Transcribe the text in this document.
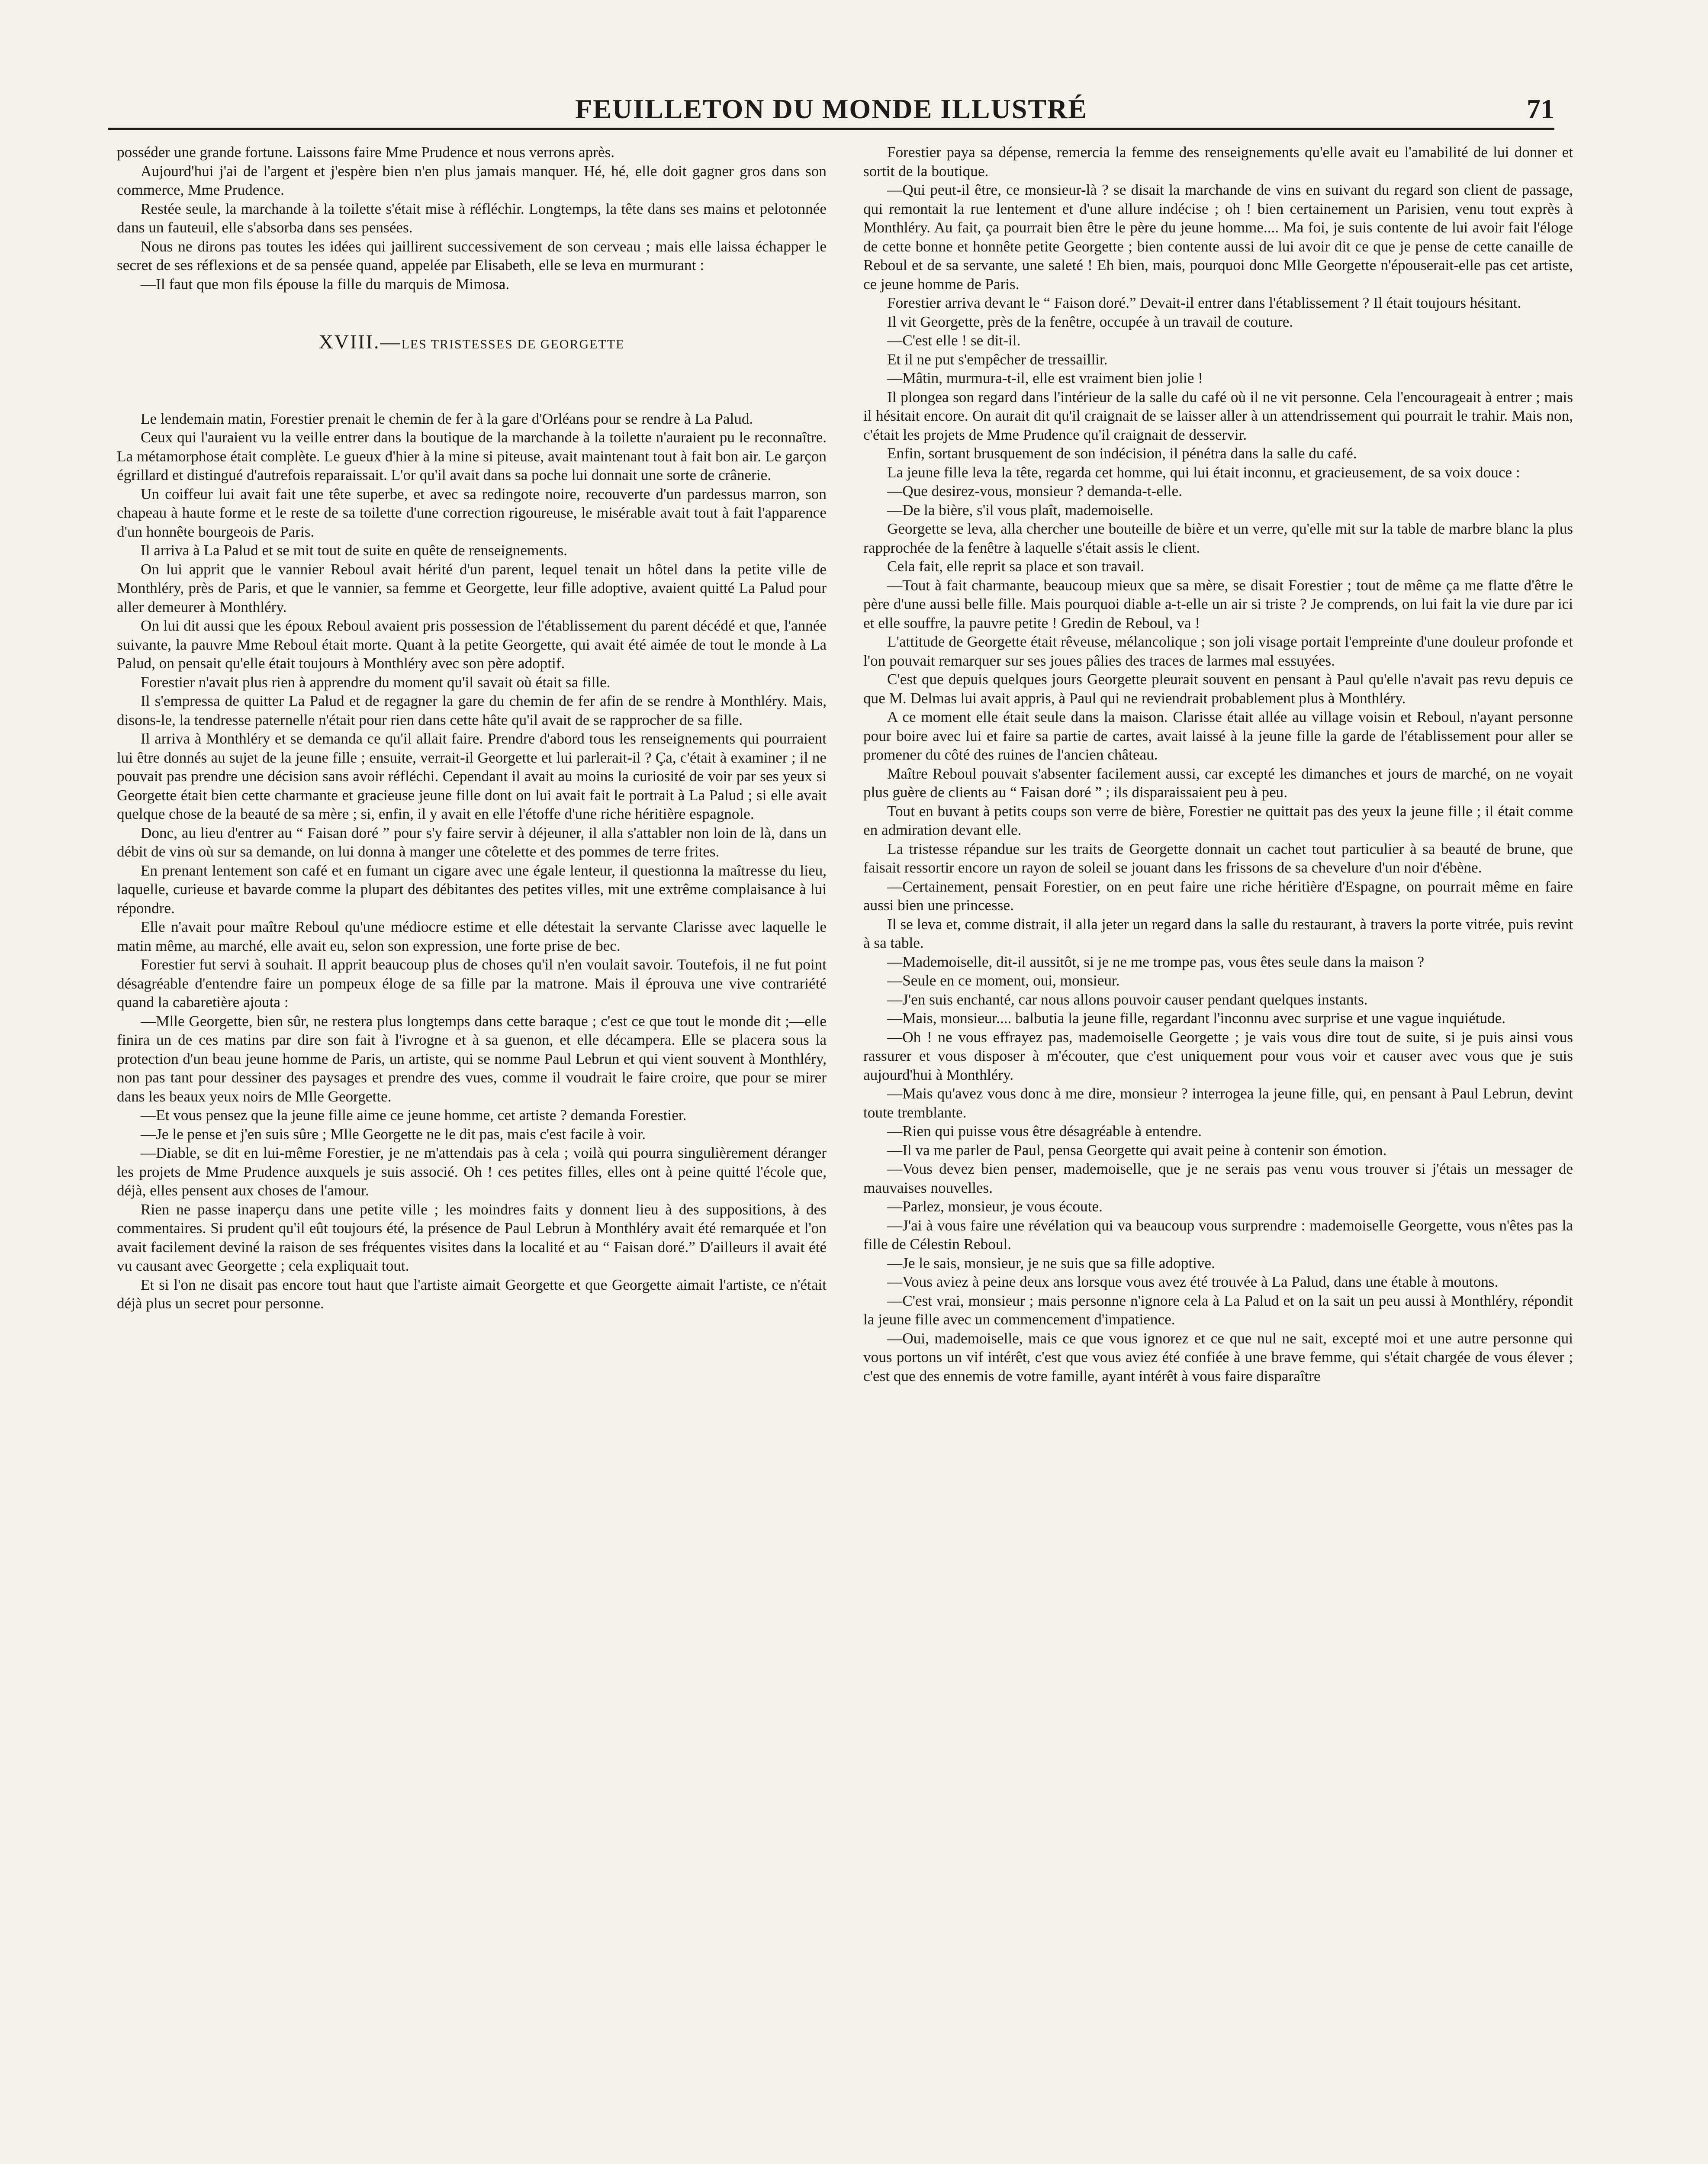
FEUILLETON DU MONDE ILLUSTRÉ	71

posséder une grande fortune. Laissons faire Mme Prudence et nous verrons après.

Aujourd'hui j'ai de l'argent et j'espère bien n'en plus jamais manquer. Hé, hé, elle doit gagner gros dans son commerce, Mme Prudence.

Restée seule, la marchande à la toilette s'était mise à réfléchir. Longtemps, la tête dans ses mains et pelotonnée dans un fauteuil, elle s'absorba dans ses pensées.

Nous ne dirons pas toutes les idées qui jaillirent successivement de son cerveau ; mais elle laissa échapper le secret de ses réflexions et de sa pensée quand, appelée par Elisabeth, elle se leva en murmurant :

—Il faut que mon fils épouse la fille du marquis de Mimosa.

XVIII.—LES TRISTESSES DE GEORGETTE

Le lendemain matin, Forestier prenait le chemin de fer à la gare d'Orléans pour se rendre à La Palud.

Ceux qui l'auraient vu la veille entrer dans la boutique de la marchande à la toilette n'auraient pu le reconnaître. La métamorphose était complète. Le gueux d'hier à la mine si piteuse, avait maintenant tout à fait bon air. Le garçon égrillard et distingué d'autrefois reparaissait. L'or qu'il avait dans sa poche lui donnait une sorte de crânerie.

Un coiffeur lui avait fait une tête superbe, et avec sa redingote noire, recouverte d'un pardessus marron, son chapeau à haute forme et le reste de sa toilette d'une correction rigoureuse, le misérable avait tout à fait l'apparence d'un honnête bourgeois de Paris.

Il arriva à La Palud et se mit tout de suite en quête de renseignements.

On lui apprit que le vannier Reboul avait hérité d'un parent, lequel tenait un hôtel dans la petite ville de Monthléry, près de Paris, et que le vannier, sa femme et Georgette, leur fille adoptive, avaient quitté La Palud pour aller demeurer à Monthléry.

On lui dit aussi que les époux Reboul avaient pris possession de l'établissement du parent décédé et que, l'année suivante, la pauvre Mme Reboul était morte. Quant à la petite Georgette, qui avait été aimée de tout le monde à La Palud, on pensait qu'elle était toujours à Monthléry avec son père adoptif.

Forestier n'avait plus rien à apprendre du moment qu'il savait où était sa fille.

Il s'empressa de quitter La Palud et de regagner la gare du chemin de fer afin de se rendre à Monthléry. Mais, disons-le, la tendresse paternelle n'était pour rien dans cette hâte qu'il avait de se rapprocher de sa fille.

Il arriva à Monthléry et se demanda ce qu'il allait faire. Prendre d'abord tous les renseignements qui pourraient lui être donnés au sujet de la jeune fille ; ensuite, verrait-il Georgette et lui parlerait-il ? Ça, c'était à examiner ; il ne pouvait pas prendre une décision sans avoir réfléchi. Cependant il avait au moins la curiosité de voir par ses yeux si Georgette était bien cette charmante et gracieuse jeune fille dont on lui avait fait le portrait à La Palud ; si elle avait quelque chose de la beauté de sa mère ; si, enfin, il y avait en elle l'étoffe d'une riche héritière espagnole.

Donc, au lieu d'entrer au “ Faisan doré ” pour s'y faire servir à déjeuner, il alla s'attabler non loin de là, dans un débit de vins où sur sa demande, on lui donna à manger une côtelette et des pommes de terre frites.

En prenant lentement son café et en fumant un cigare avec une égale lenteur, il questionna la maîtresse du lieu, laquelle, curieuse et bavarde comme la plupart des débitantes des petites villes, mit une extrême complaisance à lui répondre.

Elle n'avait pour maître Reboul qu'une médiocre estime et elle détestait la servante Clarisse avec laquelle le matin même, au marché, elle avait eu, selon son expression, une forte prise de bec.

Forestier fut servi à souhait. Il apprit beaucoup plus de choses qu'il n'en voulait savoir. Toutefois, il ne fut point désagréable d'entendre faire un pompeux éloge de sa fille par la matrone. Mais il éprouva une vive contrariété quand la cabaretière ajouta :

—Mlle Georgette, bien sûr, ne restera plus longtemps dans cette baraque ; c'est ce que tout le monde dit ;—elle finira un de ces matins par dire son fait à l'ivrogne et à sa guenon, et elle décampera. Elle se placera sous la protection d'un beau jeune homme de Paris, un artiste, qui se nomme Paul Lebrun et qui vient souvent à Monthléry, non pas tant pour dessiner des paysages et prendre des vues, comme il voudrait le faire croire, que pour se mirer dans les beaux yeux noirs de Mlle Georgette.

—Et vous pensez que la jeune fille aime ce jeune homme, cet artiste ? demanda Forestier.

—Je le pense et j'en suis sûre ; Mlle Georgette ne le dit pas, mais c'est facile à voir.

—Diable, se dit en lui-même Forestier, je ne m'attendais pas à cela ; voilà qui pourra singulièrement déranger les projets de Mme Prudence auxquels je suis associé. Oh ! ces petites filles, elles ont à peine quitté l'école que, déjà, elles pensent aux choses de l'amour.

Rien ne passe inaperçu dans une petite ville ; les moindres faits y donnent lieu à des suppositions, à des commentaires. Si prudent qu'il eût toujours été, la présence de Paul Lebrun à Monthléry avait été remarquée et l'on avait facilement deviné la raison de ses fréquentes visites dans la localité et au “ Faisan doré.” D'ailleurs il avait été vu causant avec Georgette ; cela expliquait tout.

Et si l'on ne disait pas encore tout haut que l'artiste aimait Georgette et que Georgette aimait l'artiste, ce n'était déjà plus un secret pour personne.

Forestier paya sa dépense, remercia la femme des renseignements qu'elle avait eu l'amabilité de lui donner et sortit de la boutique.

—Qui peut-il être, ce monsieur-là ? se disait la marchande de vins en suivant du regard son client de passage, qui remontait la rue lentement et d'une allure indécise ; oh ! bien certainement un Parisien, venu tout exprès à Monthléry. Au fait, ça pourrait bien être le père du jeune homme.... Ma foi, je suis contente de lui avoir fait l'éloge de cette bonne et honnête petite Georgette ; bien contente aussi de lui avoir dit ce que je pense de cette canaille de Reboul et de sa servante, une saleté ! Eh bien, mais, pourquoi donc Mlle Georgette n'épouserait-elle pas cet artiste, ce jeune homme de Paris.

Forestier arriva devant le “ Faison doré.” Devait-il entrer dans l'établissement ? Il était toujours hésitant.

Il vit Georgette, près de la fenêtre, occupée à un travail de couture.

—C'est elle ! se dit-il.

Et il ne put s'empêcher de tressaillir.

—Mâtin, murmura-t-il, elle est vraiment bien jolie !

Il plongea son regard dans l'intérieur de la salle du café où il ne vit personne. Cela l'encourageait à entrer ; mais il hésitait encore. On aurait dit qu'il craignait de se laisser aller à un attendrissement qui pourrait le trahir. Mais non, c'était les projets de Mme Prudence qu'il craignait de desservir.

Enfin, sortant brusquement de son indécision, il pénétra dans la salle du café.

La jeune fille leva la tête, regarda cet homme, qui lui était inconnu, et gracieusement, de sa voix douce :

—Que desirez-vous, monsieur ? demanda-t-elle.

—De la bière, s'il vous plaît, mademoiselle.

Georgette se leva, alla chercher une bouteille de bière et un verre, qu'elle mit sur la table de marbre blanc la plus rapprochée de la fenêtre à laquelle s'était assis le client.

Cela fait, elle reprit sa place et son travail.

—Tout à fait charmante, beaucoup mieux que sa mère, se disait Forestier ; tout de même ça me flatte d'être le père d'une aussi belle fille. Mais pourquoi diable a-t-elle un air si triste ? Je comprends, on lui fait la vie dure par ici et elle souffre, la pauvre petite ! Gredin de Reboul, va !

L'attitude de Georgette était rêveuse, mélancolique ; son joli visage portait l'empreinte d'une douleur profonde et l'on pouvait remarquer sur ses joues pâlies des traces de larmes mal essuyées.

C'est que depuis quelques jours Georgette pleurait souvent en pensant à Paul qu'elle n'avait pas revu depuis ce que M. Delmas lui avait appris, à Paul qui ne reviendrait probablement plus à Monthléry.

A ce moment elle était seule dans la maison. Clarisse était allée au village voisin et Reboul, n'ayant personne pour boire avec lui et faire sa partie de cartes, avait laissé à la jeune fille la garde de l'établissement pour aller se promener du côté des ruines de l'ancien château.

Maître Reboul pouvait s'absenter facilement aussi, car excepté les dimanches et jours de marché, on ne voyait plus guère de clients au “ Faisan doré ” ; ils disparaissaient peu à peu.

Tout en buvant à petits coups son verre de bière, Forestier ne quittait pas des yeux la jeune fille ; il était comme en admiration devant elle.

La tristesse répandue sur les traits de Georgette donnait un cachet tout particulier à sa beauté de brune, que faisait ressortir encore un rayon de soleil se jouant dans les frissons de sa chevelure d'un noir d'ébène.

—Certainement, pensait Forestier, on en peut faire une riche héritière d'Espagne, on pourrait même en faire aussi bien une princesse.

Il se leva et, comme distrait, il alla jeter un regard dans la salle du restaurant, à travers la porte vitrée, puis revint à sa table.

—Mademoiselle, dit-il aussitôt, si je ne me trompe pas, vous êtes seule dans la maison ?

—Seule en ce moment, oui, monsieur.

—J'en suis enchanté, car nous allons pouvoir causer pendant quelques instants.

—Mais, monsieur.... balbutia la jeune fille, regardant l'inconnu avec surprise et une vague inquiétude.

—Oh ! ne vous effrayez pas, mademoiselle Georgette ; je vais vous dire tout de suite, si je puis ainsi vous rassurer et vous disposer à m'écouter, que c'est uniquement pour vous voir et causer avec vous que je suis aujourd'hui à Monthléry.

—Mais qu'avez vous donc à me dire, monsieur ? interrogea la jeune fille, qui, en pensant à Paul Lebrun, devint toute tremblante.

—Rien qui puisse vous être désagréable à entendre.

—Il va me parler de Paul, pensa Georgette qui avait peine à contenir son émotion.

—Vous devez bien penser, mademoiselle, que je ne serais pas venu vous trouver si j'étais un messager de mauvaises nouvelles.

—Parlez, monsieur, je vous écoute.

—J'ai à vous faire une révélation qui va beaucoup vous surprendre : mademoiselle Georgette, vous n'êtes pas la fille de Célestin Reboul.

—Je le sais, monsieur, je ne suis que sa fille adoptive.

—Vous aviez à peine deux ans lorsque vous avez été trouvée à La Palud, dans une étable à moutons.

—C'est vrai, monsieur ; mais personne n'ignore cela à La Palud et on la sait un peu aussi à Monthléry, répondit la jeune fille avec un commencement d'impatience.

—Oui, mademoiselle, mais ce que vous ignorez et ce que nul ne sait, excepté moi et une autre personne qui vous portons un vif intérêt, c'est que vous aviez été confiée à une brave femme, qui s'était chargée de vous élever ; c'est que des ennemis de votre famille, ayant intérêt à vous faire disparaître
